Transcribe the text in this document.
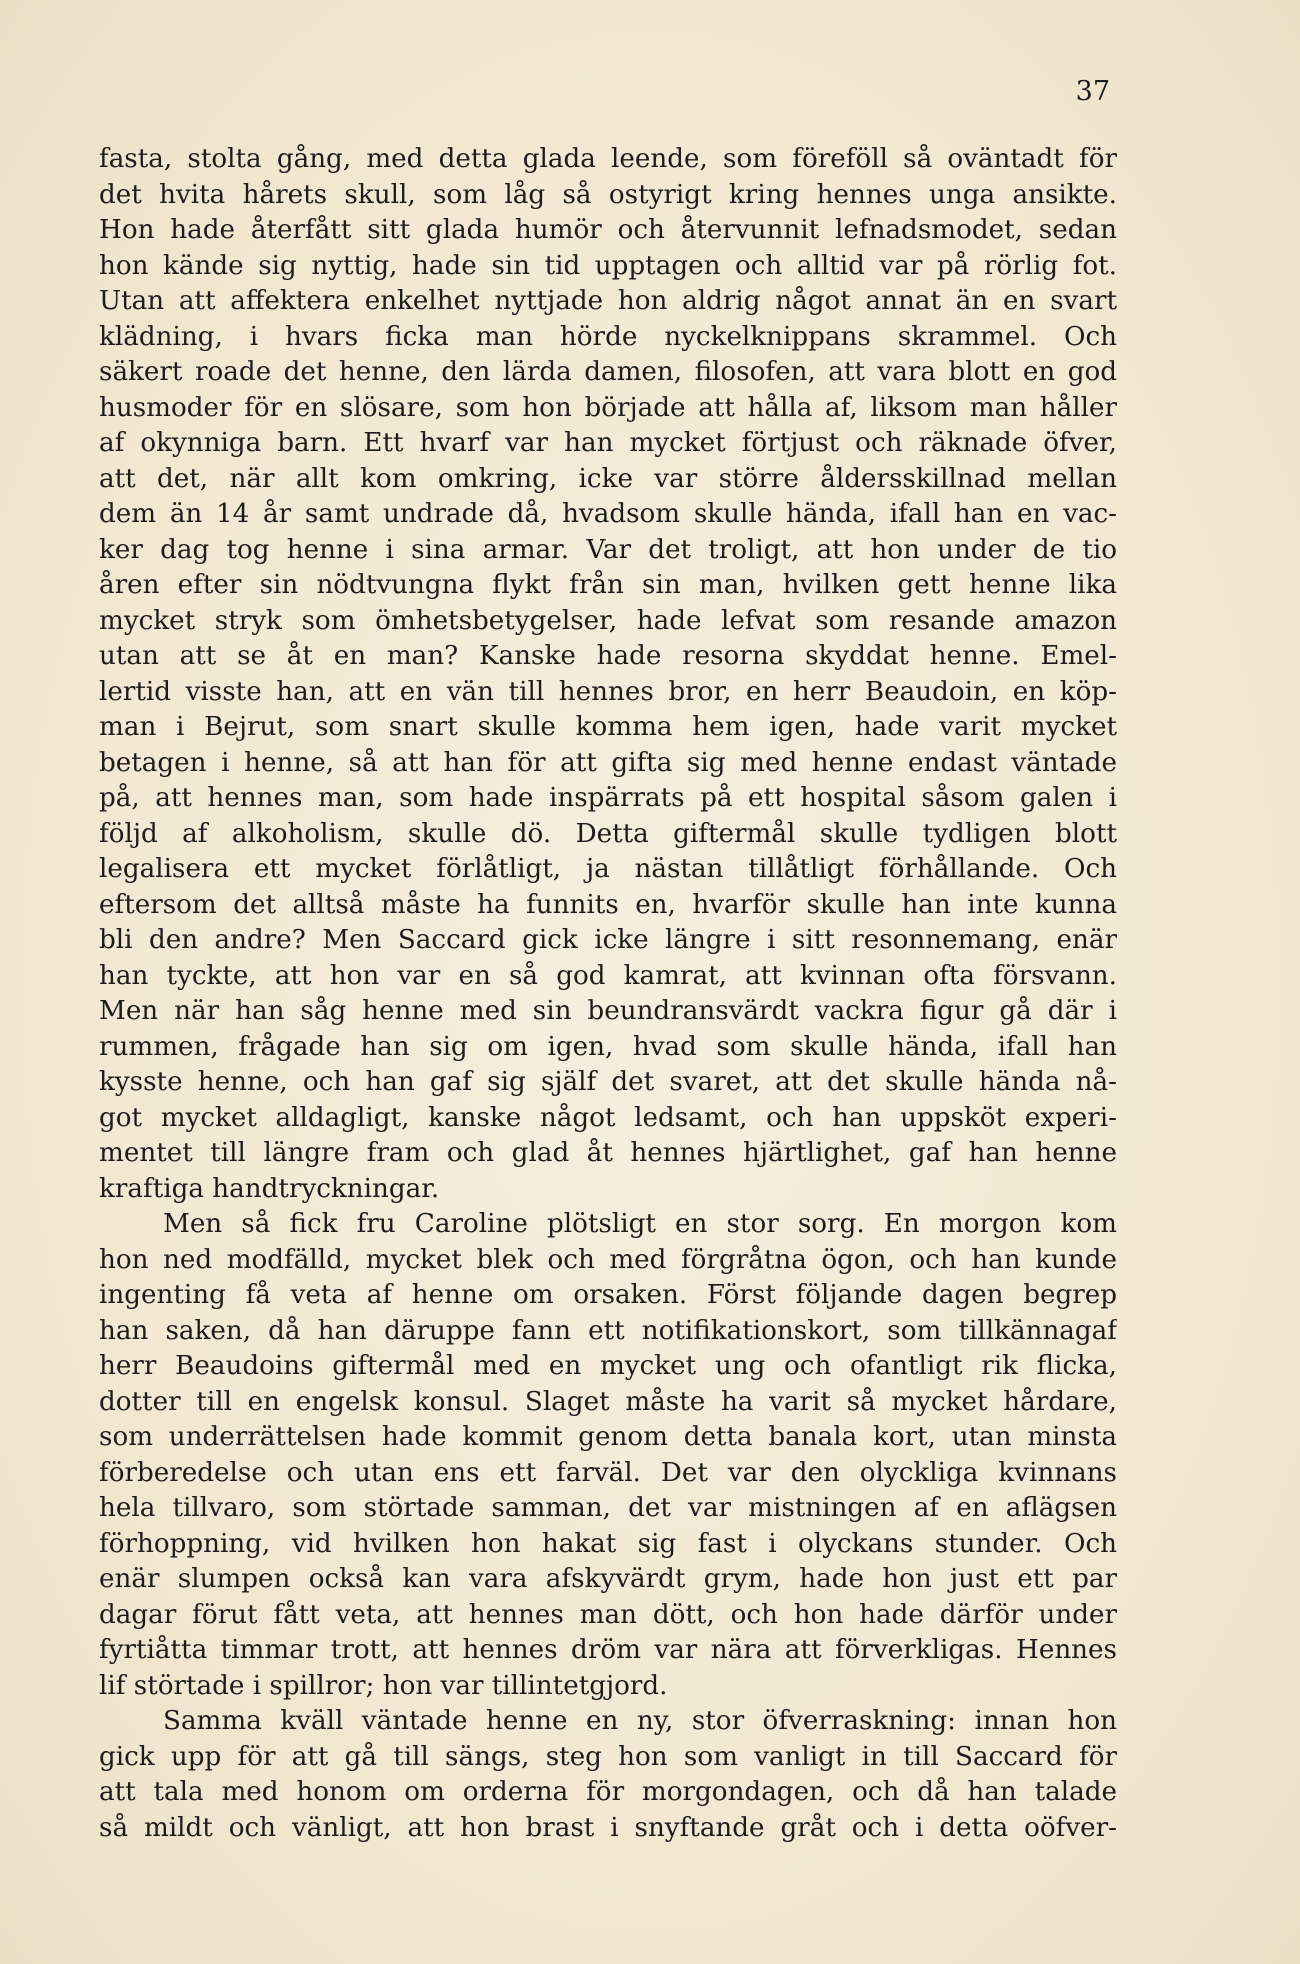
37
fasta, stolta gång, med detta glada leende, som föreföll så oväntadt för
det hvita hårets skull, som låg så ostyrigt kring hennes unga ansikte.
Hon hade återfått sitt glada humör och återvunnit lefnadsmodet, sedan
hon kände sig nyttig, hade sin tid upptagen och alltid var på rörlig fot.
Utan att affektera enkelhet nyttjade hon aldrig något annat än en svart
klädning, i hvars ficka man hörde nyckelknippans skrammel. Och
säkert roade det henne, den lärda damen, filosofen, att vara blott en god
husmoder för en slösare, som hon började att hålla af, liksom man håller
af okynniga barn. Ett hvarf var han mycket förtjust och räknade öfver,
att det, när allt kom omkring, icke var större åldersskillnad mellan
dem än 14 år samt undrade då, hvadsom skulle hända, ifall han en vac-
ker dag tog henne i sina armar. Var det troligt, att hon under de tio
åren efter sin nödtvungna flykt från sin man, hvilken gett henne lika
mycket stryk som ömhetsbetygelser, hade lefvat som resande amazon
utan att se åt en man? Kanske hade resorna skyddat henne. Emel-
lertid visste han, att en vän till hennes bror, en herr Beaudoin, en köp-
man i Bejrut, som snart skulle komma hem igen, hade varit mycket
betagen i henne, så att han för att gifta sig med henne endast väntade
på, att hennes man, som hade inspärrats på ett hospital såsom galen i
följd af alkoholism, skulle dö. Detta giftermål skulle tydligen blott
legalisera ett mycket förlåtligt, ja nästan tillåtligt förhållande. Och
eftersom det alltså måste ha funnits en, hvarför skulle han inte kunna
bli den andre? Men Saccard gick icke längre i sitt resonnemang, enär
han tyckte, att hon var en så god kamrat, att kvinnan ofta försvann.
Men när han såg henne med sin beundransvärdt vackra figur gå där i
rummen, frågade han sig om igen, hvad som skulle hända, ifall han
kysste henne, och han gaf sig själf det svaret, att det skulle hända nå-
got mycket alldagligt, kanske något ledsamt, och han uppsköt experi-
mentet till längre fram och glad åt hennes hjärtlighet, gaf han henne
kraftiga handtryckningar.
Men så fick fru Caroline plötsligt en stor sorg. En morgon kom
hon ned modfälld, mycket blek och med förgråtna ögon, och han kunde
ingenting få veta af henne om orsaken. Först följande dagen begrep
han saken, då han däruppe fann ett notifikationskort, som tillkännagaf
herr Beaudoins giftermål med en mycket ung och ofantligt rik flicka,
dotter till en engelsk konsul. Slaget måste ha varit så mycket hårdare,
som underrättelsen hade kommit genom detta banala kort, utan minsta
förberedelse och utan ens ett farväl. Det var den olyckliga kvinnans
hela tillvaro, som störtade samman, det var mistningen af en aflägsen
förhoppning, vid hvilken hon hakat sig fast i olyckans stunder. Och
enär slumpen också kan vara afskyvärdt grym, hade hon just ett par
dagar förut fått veta, att hennes man dött, och hon hade därför under
fyrtiåtta timmar trott, att hennes dröm var nära att förverkligas. Hennes
lif störtade i spillror; hon var tillintetgjord.
Samma kväll väntade henne en ny, stor öfverraskning: innan hon
gick upp för att gå till sängs, steg hon som vanligt in till Saccard för
att tala med honom om orderna för morgondagen, och då han talade
så mildt och vänligt, att hon brast i snyftande gråt och i detta oöfver-
